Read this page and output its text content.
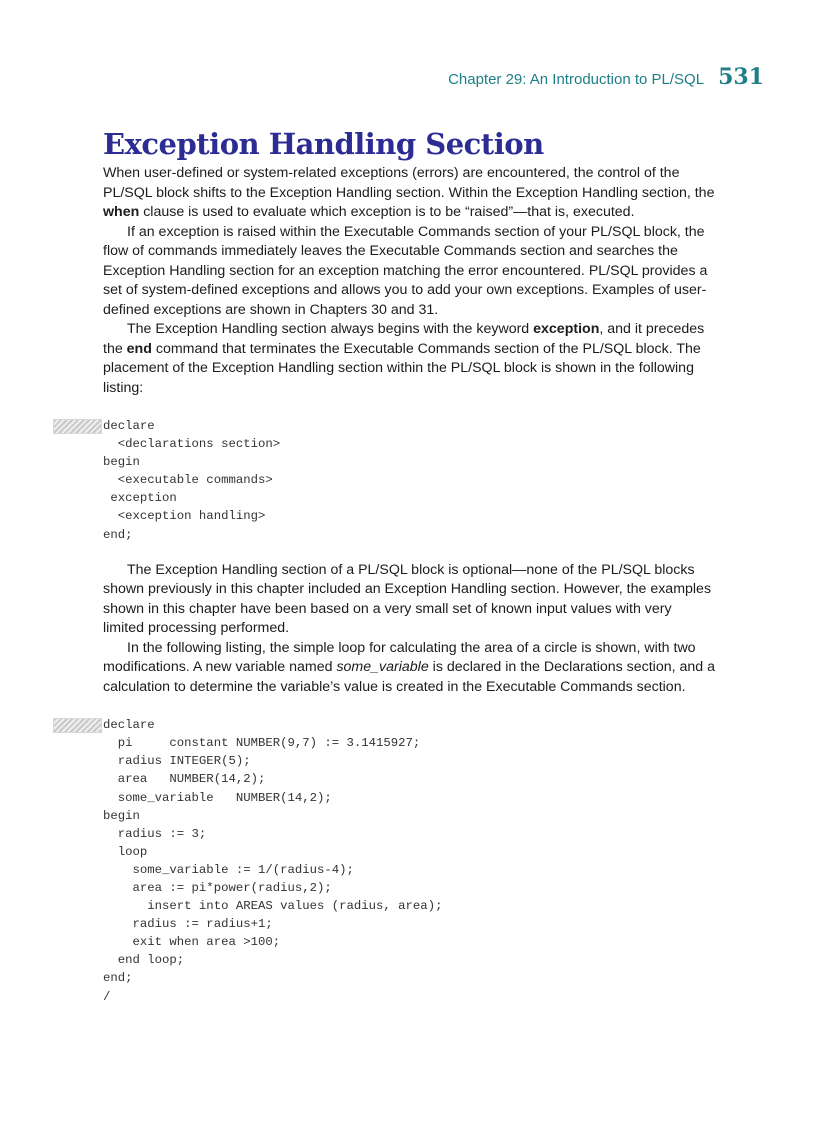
Chapter 29: An Introduction to PL/SQL 531
Exception Handling Section

When user-defined or system-related exceptions (errors) are encountered, the control of the PL/SQL block shifts to the Exception Handling section. Within the Exception Handling section, the when clause is used to evaluate which exception is to be “raised”—that is, executed.

If an exception is raised within the Executable Commands section of your PL/SQL block, the flow of commands immediately leaves the Executable Commands section and searches the Exception Handling section for an exception matching the error encountered. PL/SQL provides a set of system-defined exceptions and allows you to add your own exceptions. Examples of user-defined exceptions are shown in Chapters 30 and 31.

The Exception Handling section always begins with the keyword exception, and it precedes the end command that terminates the Executable Commands section of the PL/SQL block. The placement of the Exception Handling section within the PL/SQL block is shown in the following listing:

declare
<declarations section>
begin
<executable commands>
exception
<exception handling>
end;

The Exception Handling section of a PL/SQL block is optional—none of the PL/SQL blocks shown previously in this chapter included an Exception Handling section. However, the examples shown in this chapter have been based on a very small set of known input values with very limited processing performed.

In the following listing, the simple loop for calculating the area of a circle is shown, with two modifications. A new variable named some_variable is declared in the Declarations section, and a calculation to determine the variable’s value is created in the Executable Commands section.

declare
pi     constant NUMBER(9,7) := 3.1415927;
radius INTEGER(5);
area   NUMBER(14,2);
some_variable   NUMBER(14,2);
begin
radius := 3;
loop
some_variable := 1/(radius-4);
area := pi*power(radius,2);
insert into AREAS values (radius, area);
radius := radius+1;
exit when area >100;
end loop;
end;
/
